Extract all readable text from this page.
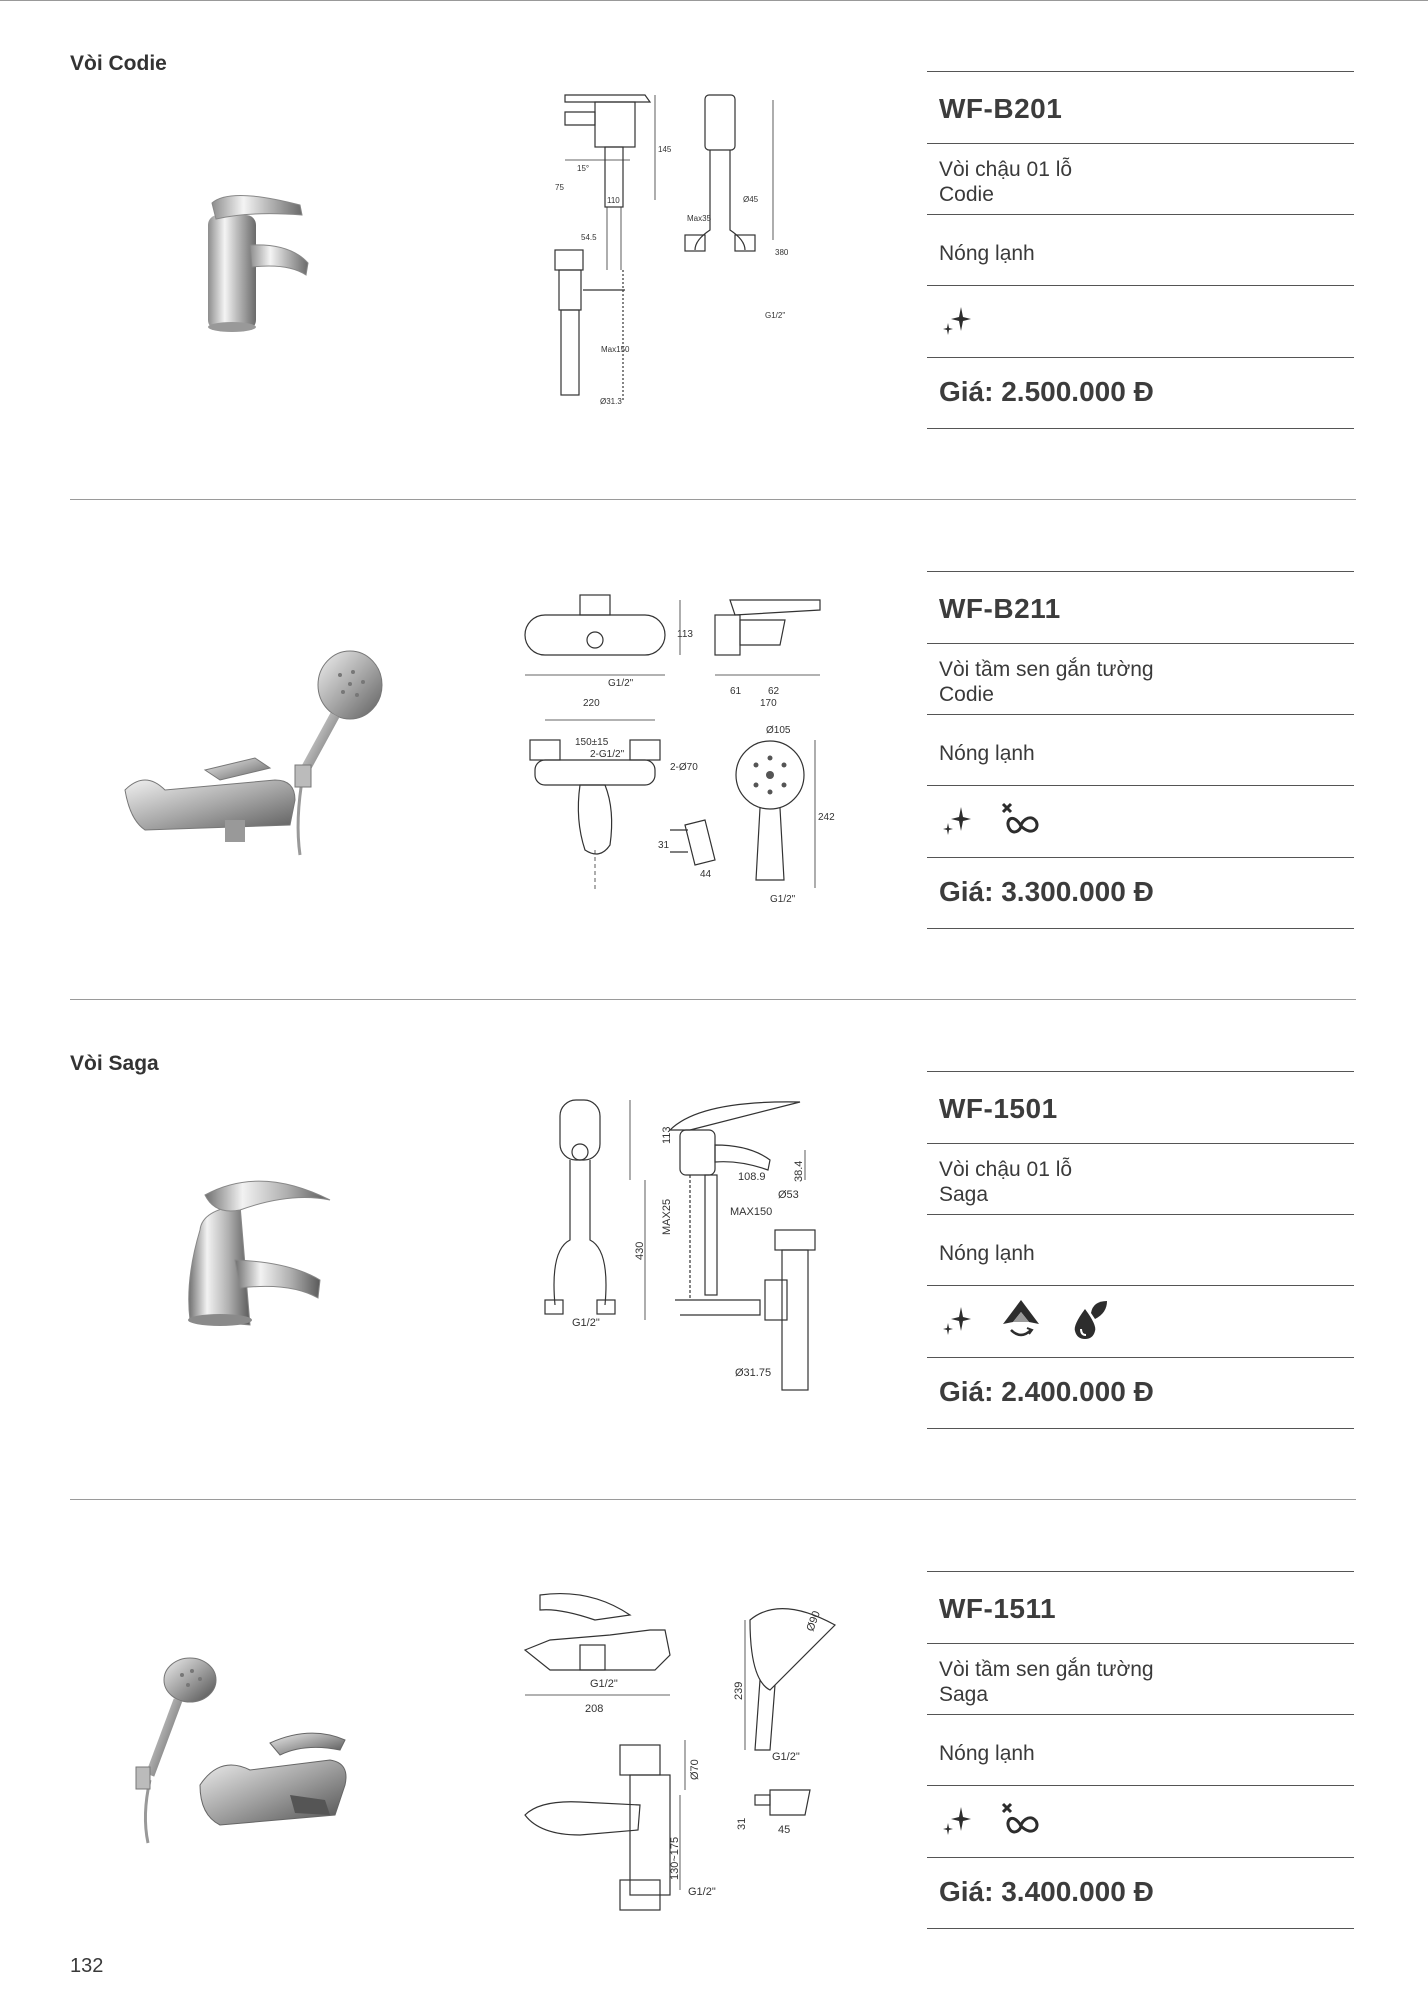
Vòi Codie
Vòi Saga
145
15°
75
110
Max35
Ø45
54.5
380
G1/2"
Max150
Ø31.3
WF-B201
Vòi chậu 01 lỗ
Codie
Nóng lạnh
Giá: 2.500.000 Đ
113
G1/2"
220
61	62
170
150±15
2-G1/2"
2-Ø70
Ø105
242
31
44
G1/2"
WF-B211
Vòi tầm sen gắn tường
Codie
Nóng lạnh
Giá: 3.300.000 Đ
113
108.9 38.4
Ø53
MAX25	MAX150
430
G1/2"
Ø31.75
WF-1501
Vòi chậu 01 lỗ
Saga
Nóng lạnh
Giá: 2.400.000 Đ
G1/2"
208
Ø90
239
G1/2"
Ø70
130~175
31	45
G1/2"
WF-1511
Vòi tầm sen gắn tường
Saga
Nóng lạnh
Giá: 3.400.000 Đ
132
